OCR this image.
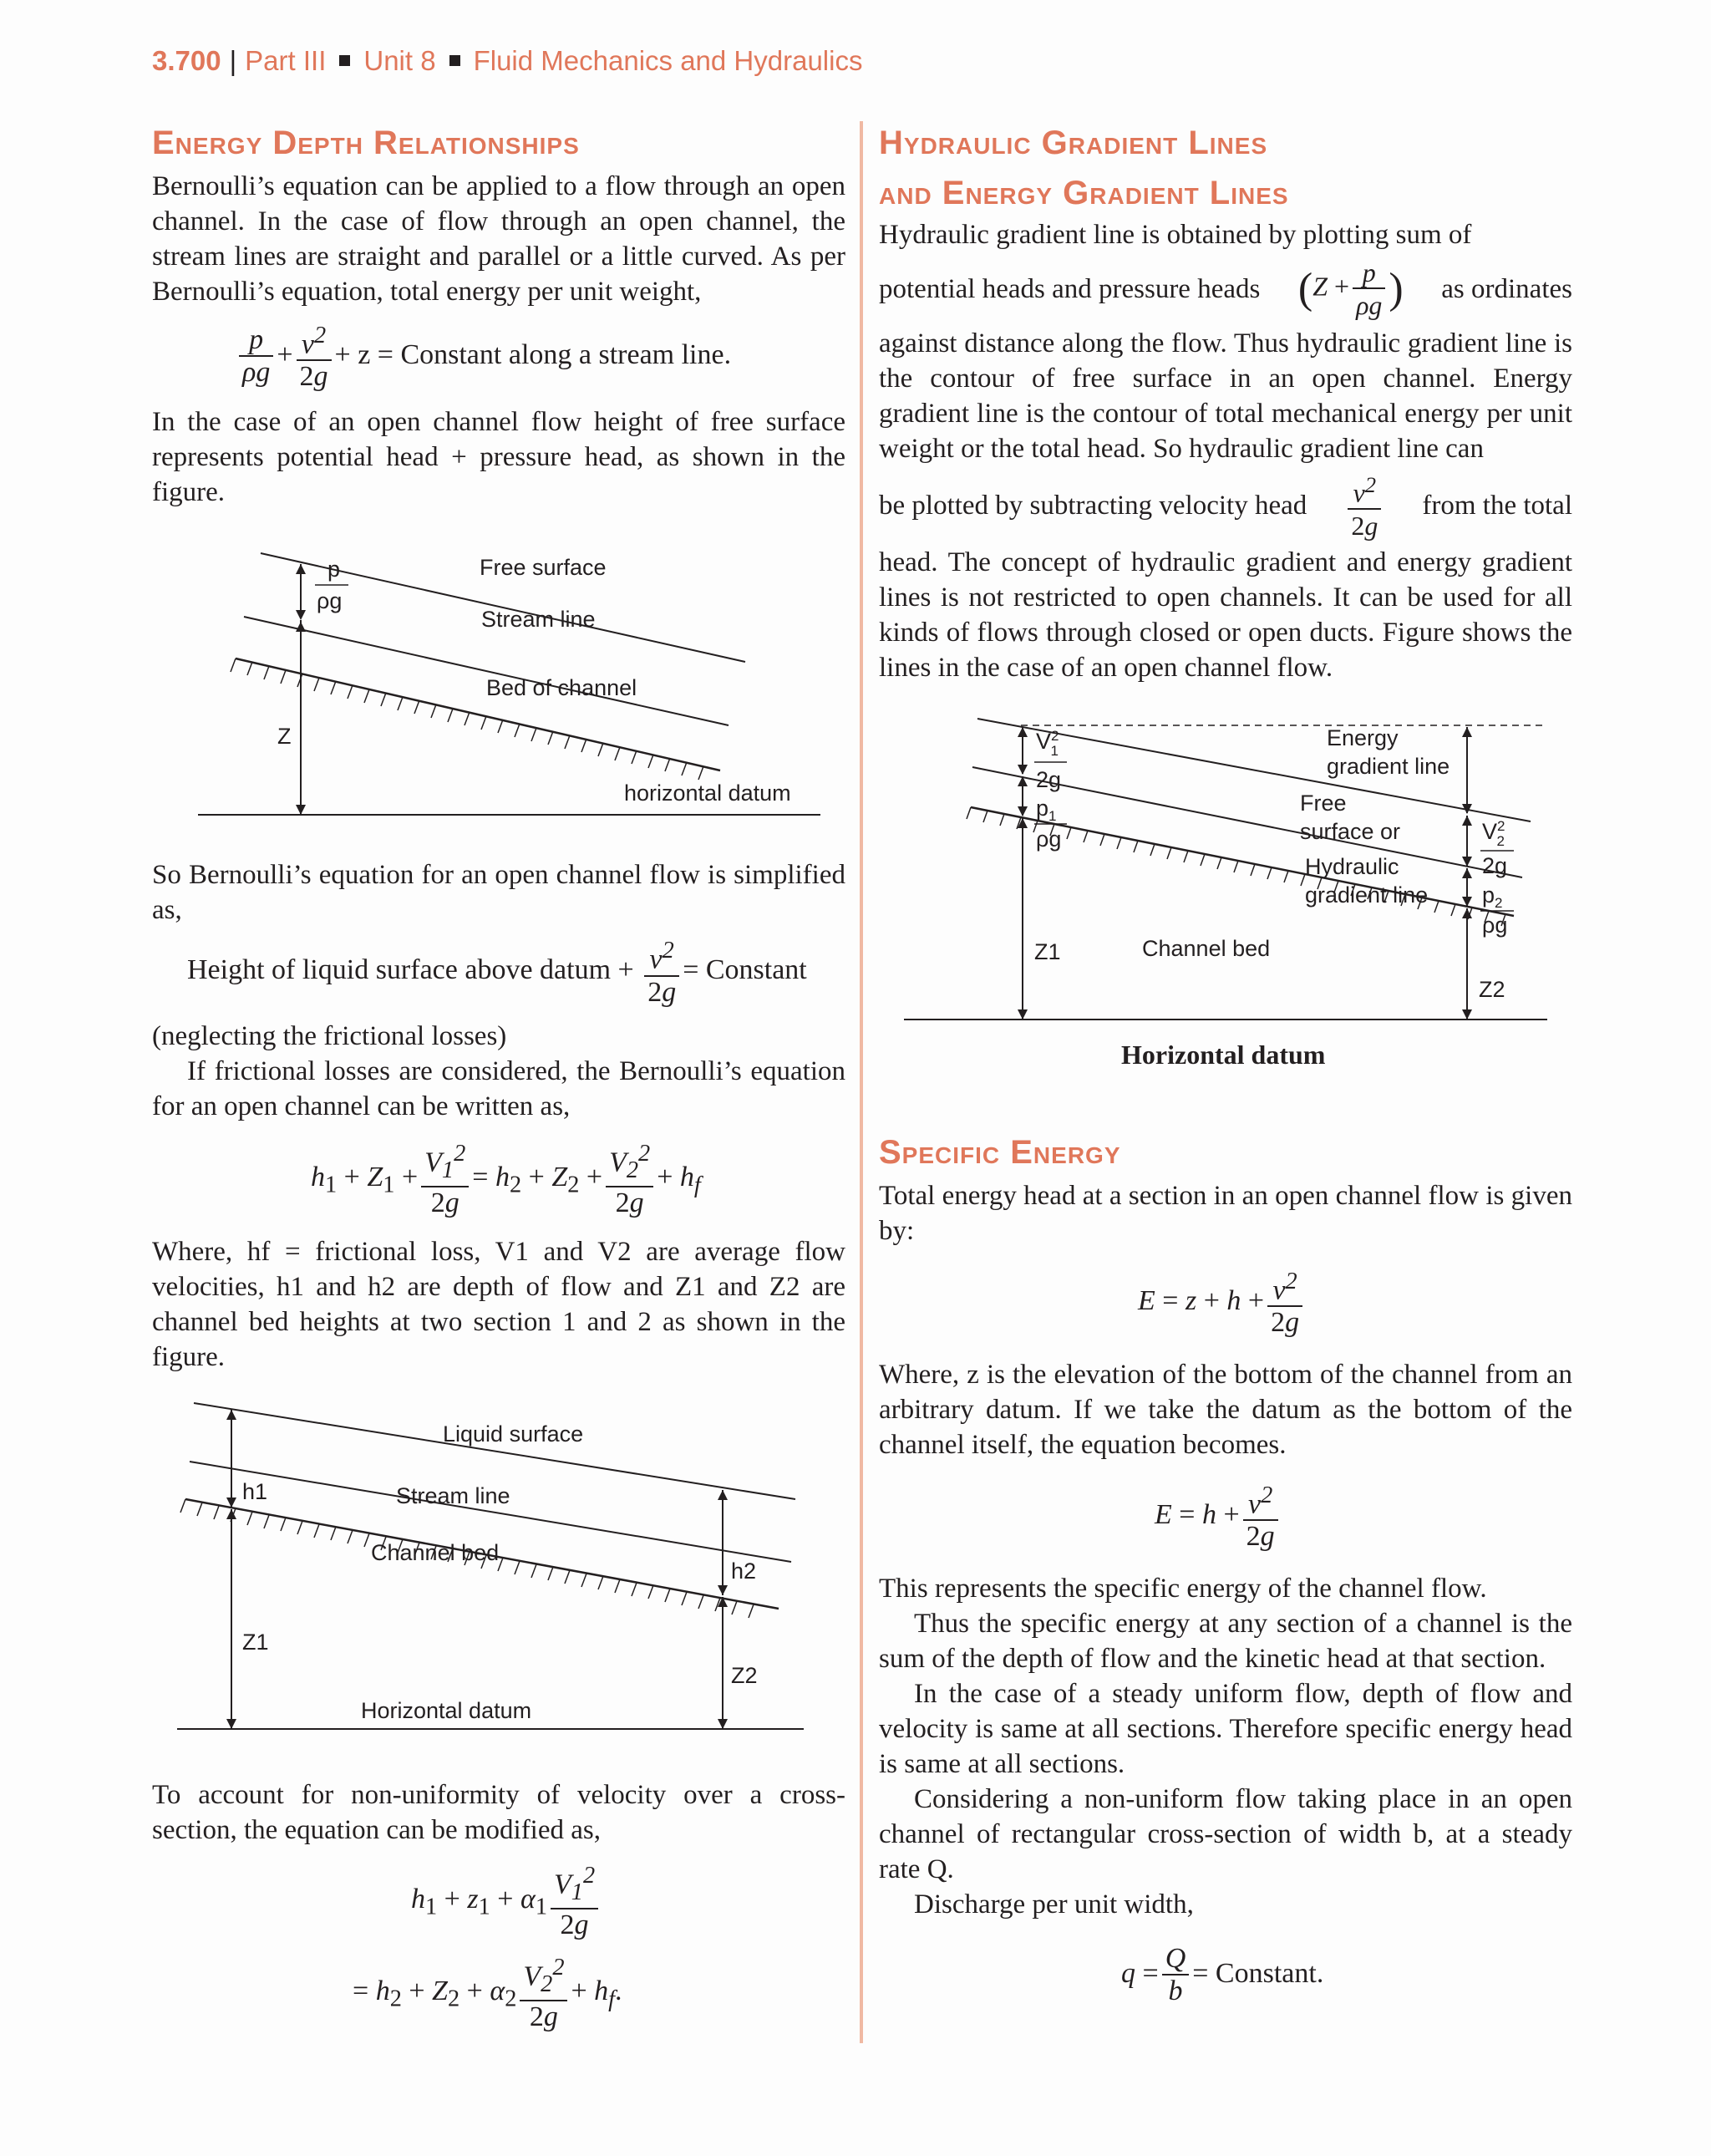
3.700 | Part III Unit 8 Fluid Mechanics and Hydraulics
Energy Depth Relationships

Bernoulli’s equation can be applied to a flow through an open channel. In the case of flow through an open channel, the stream lines are straight and parallel or a little curved. As per Bernoulli’s equation, total energy per unit weight,

$\frac{p}{\rho g} + \frac{v^2}{2g} + z$ = Constant along a stream line.

In the case of an open channel flow height of free surface represents potential head + pressure head, as shown in the figure.

p
ρg
Free surface
Stream line
Bed of channel
Z
horizontal datum

So Bernoulli’s equation for an open channel flow is simplified as,

Height of liquid surface above datum + $\frac{v^2}{2g}$ = Constant

(neglecting the frictional losses)

If frictional losses are considered, the Bernoulli’s equation for an open channel can be written as,

$h_1 + Z_1 + \frac{V_1^2}{2g} = h_2 + Z_2 + \frac{V_2^2}{2g} + h_f$

Where, hf = frictional loss, V1 and V2 are average flow velocities, h1 and h2 are depth of flow and Z1 and Z2 are channel bed heights at two section 1 and 2 as shown in the figure.

Liquid surface
Stream line
Channel bed
h1
h2
Z1
Z2
Horizontal datum

To account for non-uniformity of velocity over a cross-section, the equation can be modified as,

$h_1 + z_1 + \alpha_1 \frac{V_1^2}{2g}$
= $h_2 + Z_2 + \alpha_2 \frac{V_2^2}{2g} + h_f$.
Hydraulic Gradient Lines
and Energy Gradient Lines

Hydraulic gradient line is obtained by plotting sum of

potential heads and pressure heads ($Z + \frac{p}{\rho g}$ ) as ordinates

against distance along the flow. Thus hydraulic gradient line is the contour of free surface in an open channel. Energy gradient line is the contour of total mechanical energy per unit weight or the total head. So hydraulic gradient line can

be plotted by subtracting velocity head $\frac{v^2}{2g}$ from the total

head. The concept of hydraulic gradient and energy gradient lines is not restricted to open channels. It can be used for all kinds of flows through closed or open ducts. Figure shows the lines in the case of an open channel flow.

$V^2$ 1
2g
$p_1$
ρg	$V^2$ 2
2g
$p_2$
ρg
Energy
gradient line
Free
surface or
Hydraulic
gradient line
Channel bed
Z1
Z2
Horizontal datum
Specific Energy

Total energy head at a section in an open channel flow is given by:

$E = z + h + \frac{v^2}{2g}$

Where, z is the elevation of the bottom of the channel from an arbitrary datum. If we take the datum as the bottom of the channel itself, the equation becomes.

$E = h + \frac{v^2}{2g}$

This represents the specific energy of the channel flow.

Thus the specific energy at any section of a channel is the sum of the depth of flow and the kinetic head at that section.

In the case of a steady uniform flow, depth of flow and velocity is same at all sections. Therefore specific energy head is same at all sections.

Considering a non-uniform flow taking place in an open channel of rectangular cross-section of width b, at a steady rate Q.

Discharge per unit width,

$q = \frac{Q}{b}$ = Constant.
